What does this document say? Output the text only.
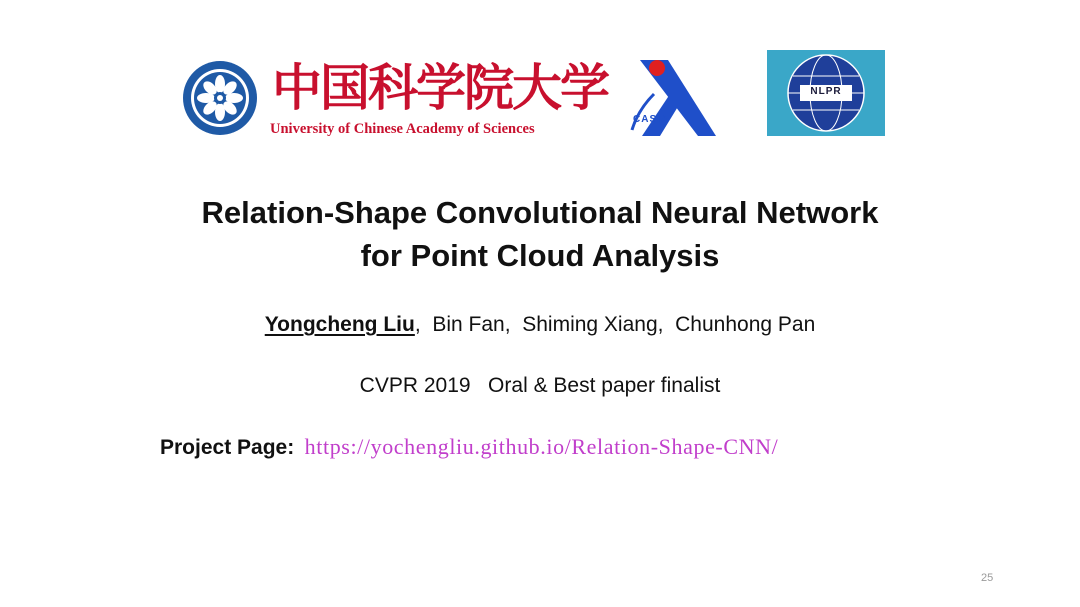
中国科学院大学
University of Chinese Academy of Sciences
CASIA
NLPR
Relation-Shape Convolutional Neural Network
for Point Cloud Analysis
Yongcheng Liu,  Bin Fan,  Shiming Xiang,  Chunhong Pan
CVPR 2019   Oral & Best paper finalist
Project Page: https://yochengliu.github.io/Relation-Shape-CNN/
25
